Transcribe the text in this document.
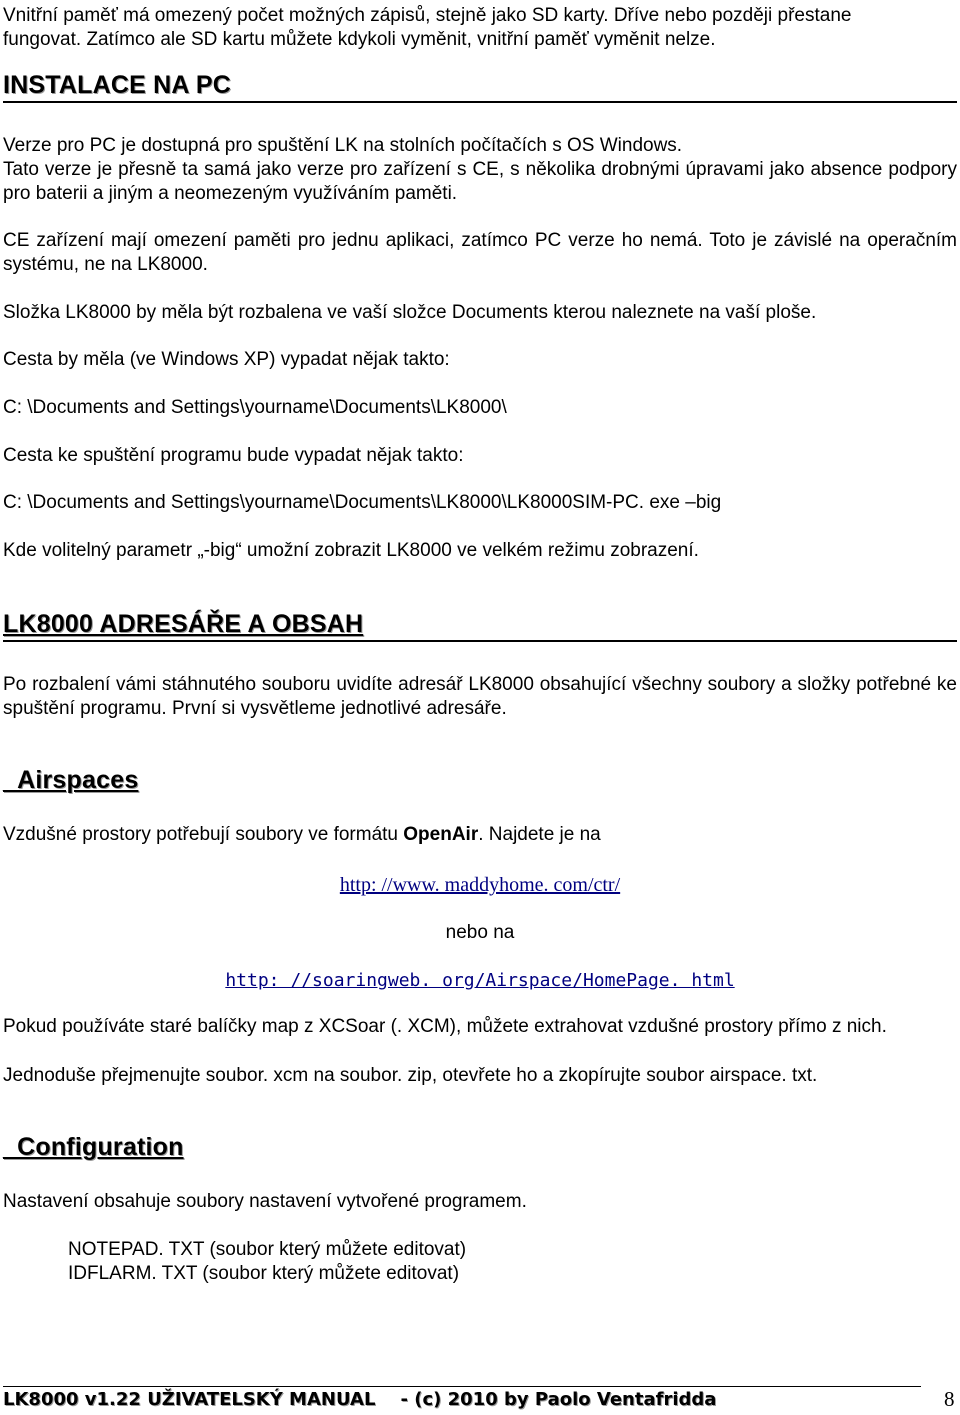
Vnitřní paměť má omezený počet možných zápisů, stejně jako SD karty. Dříve nebo později přestane

fungovat. Zatímco ale SD kartu můžete kdykoli vyměnit, vnitřní paměť vyměnit nelze.

INSTALACE NA PC

Verze pro PC je dostupná pro spuštění LK na stolních počítačích s OS Windows.

Tato verze je přesně ta samá jako verze pro zařízení s CE, s několika drobnými úpravami jako absence podpory pro baterii a jiným a neomezeným využíváním paměti.

CE zařízení mají omezení paměti pro jednu aplikaci, zatímco PC verze ho nemá. Toto je závislé na operačním systému, ne na LK8000.

Složka LK8000 by měla být rozbalena ve vaší složce Documents kterou naleznete na vaší ploše.

Cesta by měla (ve Windows XP) vypadat nějak takto:

C: \Documents and Settings\yourname\Documents\LK8000\

Cesta ke spuštění programu bude vypadat nějak takto:

C: \Documents and Settings\yourname\Documents\LK8000\LK8000SIM-PC. exe –big

Kde volitelný parametr „-big“ umožní zobrazit LK8000 ve velkém režimu zobrazení.

LK8000 ADRESÁŘE A OBSAH

Po rozbalení vámi stáhnutého souboru uvidíte adresář LK8000 obsahující všechny soubory a složky potřebné ke spuštění programu. První si vysvětleme jednotlivé adresáře.

_Airspaces

Vzdušné prostory potřebují soubory ve formátu OpenAir. Najdete je na

http: //www. maddyhome. com/ctr/

nebo na

http: //soaringweb. org/Airspace/HomePage. html

Pokud používáte staré balíčky map z XCSoar (. XCM), můžete extrahovat vzdušné prostory přímo z nich.

Jednoduše přejmenujte soubor. xcm na soubor. zip, otevřete ho a zkopírujte soubor airspace. txt.

_Configuration

Nastavení obsahuje soubory nastavení vytvořené programem.

NOTEPAD. TXT (soubor který můžete editovat)

IDFLARM. TXT (soubor který můžete editovat)

LK8000 v1.22 UŽIVATELSKÝ MANUAL    - (c) 2010 by Paolo Ventafridda	8
